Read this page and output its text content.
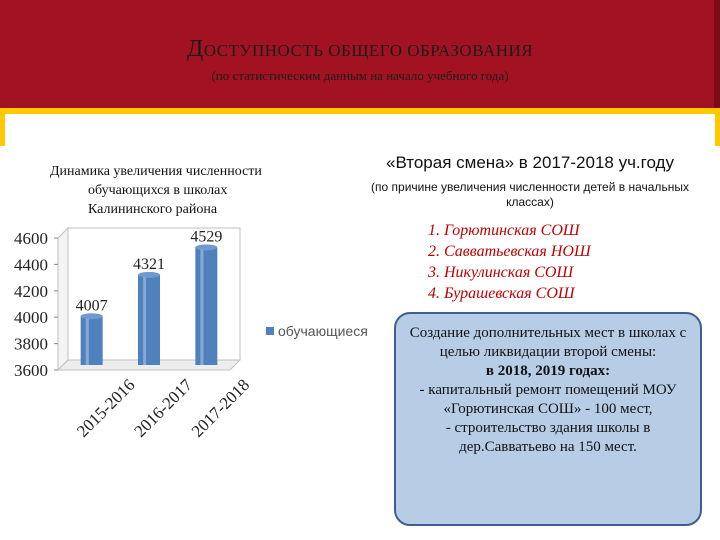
ДОСТУПНОСТЬ ОБЩЕГО ОБРАЗОВАНИЯ
(по статистическим данным на начало учебного года)
Динамика увеличения численности
обучающихся в школах
Калининского района
3600
3800
4000
4200
4400
4600
4007
2015-2016
4321
2016-2017
4529
2017-2018
обучающиеся
«Вторая смена» в 2017-2018 уч.году
(по причине увеличения численности детей в начальных классах)
1. Горютинская СОШ
2. Савватьевская НОШ
3. Никулинская СОШ
4. Бурашевская СОШ
Создание дополнительных мест в школах с целью ликвидации второй смены:
в 2018, 2019 годах:
- капитальный ремонт помещений МОУ «Горютинская СОШ» - 100 мест,
- строительство здания школы в дер.Савватьево на 150 мест.
